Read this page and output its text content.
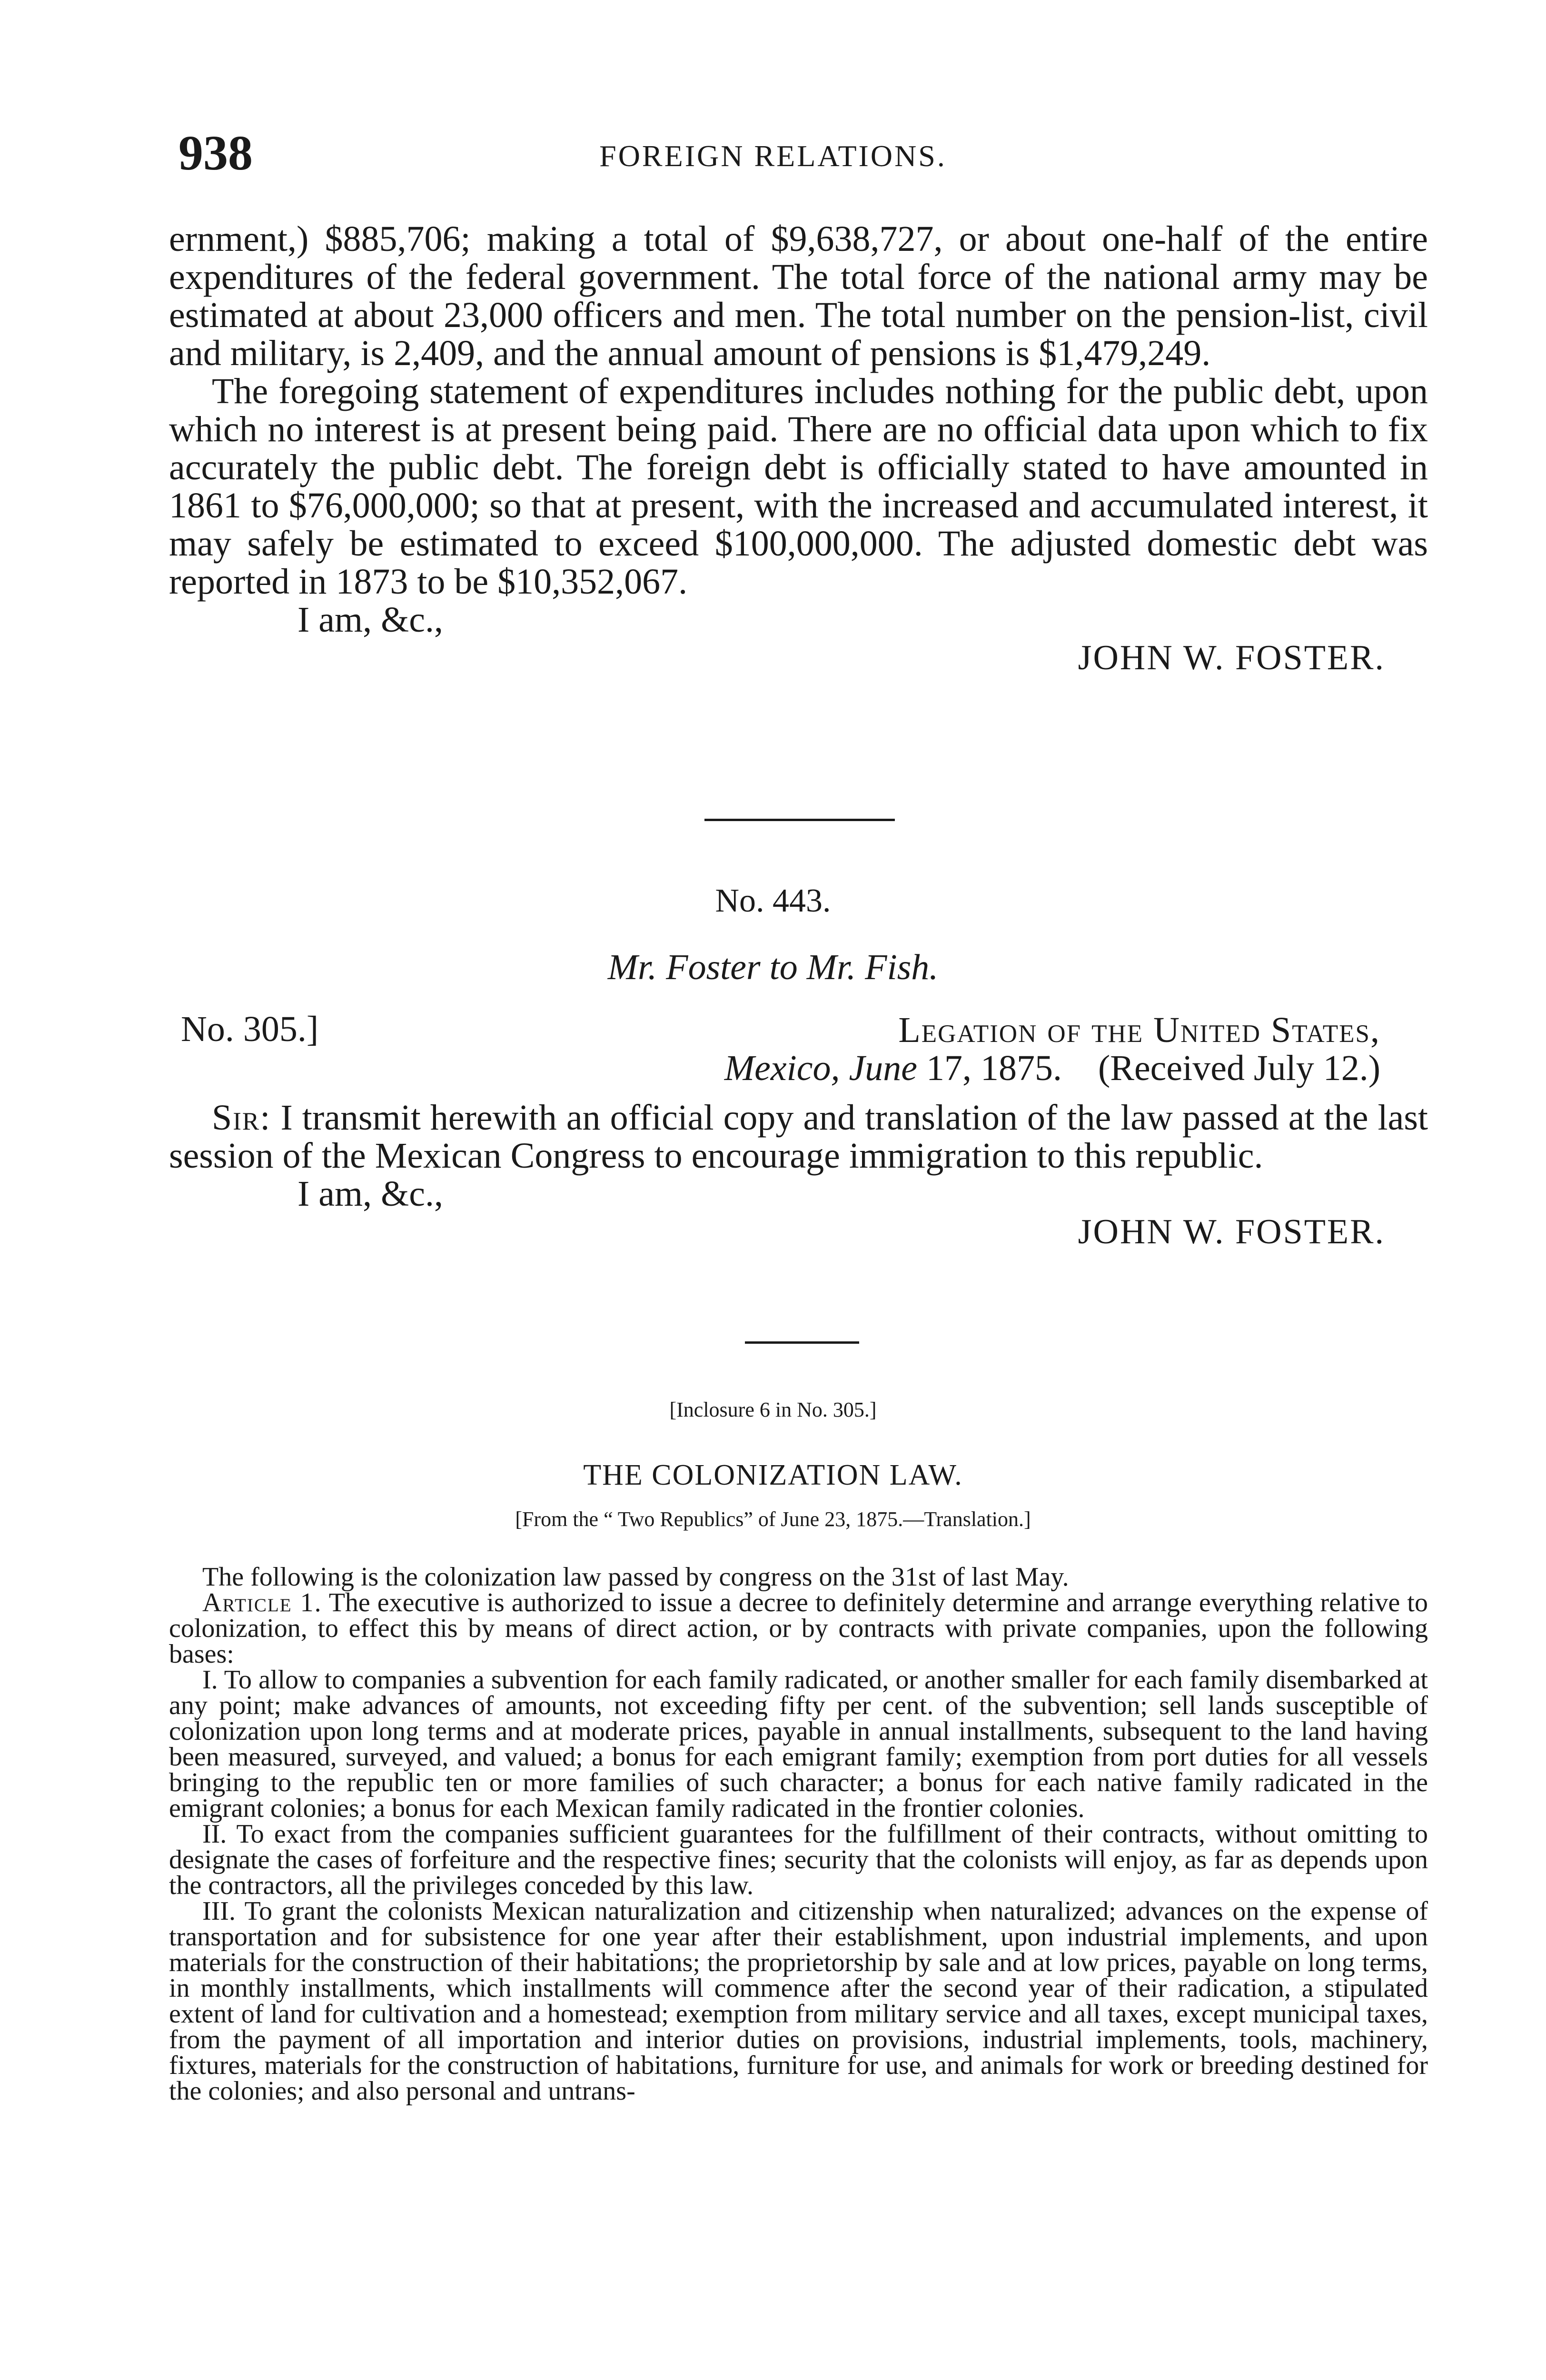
938	FOREIGN RELATIONS.

ernment,) $885,706; making a total of $9,638,727, or about one-half of the entire expenditures of the federal government. The total force of the national army may be estimated at about 23,000 officers and men. The total number on the pension-list, civil and military, is 2,409, and the annual amount of pensions is $1,479,249.

The foregoing statement of expenditures includes nothing for the public debt, upon which no interest is at present being paid. There are no official data upon which to fix accurately the public debt. The foreign debt is officially stated to have amounted in 1861 to $76,000,000; so that at present, with the increased and accumulated interest, it may safely be estimated to exceed $100,000,000. The adjusted domestic debt was reported in 1873 to be $10,352,067.

I am, &c.,

JOHN W. FOSTER.

No. 443.
Mr. Foster to Mr. Fish.
No. 305.]	Legation of the United States,
Mexico, June 17, 1875. (Received July 12.)

Sir: I transmit herewith an official copy and translation of the law passed at the last session of the Mexican Congress to encourage immigration to this republic.

I am, &c.,

JOHN W. FOSTER.

[Inclosure 6 in No. 305.]
THE COLONIZATION LAW.
[From the “ Two Republics” of June 23, 1875.—Translation.]

The following is the colonization law passed by congress on the 31st of last May.

Article 1. The executive is authorized to issue a decree to definitely determine and arrange everything relative to colonization, to effect this by means of direct action, or by contracts with private companies, upon the following bases:

I. To allow to companies a subvention for each family radicated, or another smaller for each family disembarked at any point; make advances of amounts, not exceeding fifty per cent. of the subvention; sell lands susceptible of colonization upon long terms and at moderate prices, payable in annual installments, subsequent to the land having been measured, surveyed, and valued; a bonus for each emigrant family; exemption from port duties for all vessels bringing to the republic ten or more families of such character; a bonus for each native family radicated in the emigrant colonies; a bonus for each Mexican family radicated in the frontier colonies.

II. To exact from the companies sufficient guarantees for the fulfillment of their contracts, without omitting to designate the cases of forfeiture and the respective fines; security that the colonists will enjoy, as far as depends upon the contractors, all the privileges conceded by this law.

III. To grant the colonists Mexican naturalization and citizenship when naturalized; advances on the expense of transportation and for subsistence for one year after their establishment, upon industrial implements, and upon materials for the construction of their habitations; the proprietorship by sale and at low prices, payable on long terms, in monthly installments, which installments will commence after the second year of their radication, a stipulated extent of land for cultivation and a homestead; exemption from military service and all taxes, except municipal taxes, from the payment of all importation and interior duties on provisions, industrial implements, tools, machinery, fixtures, materials for the construction of habitations, furniture for use, and animals for work or breeding destined for the colonies; and also personal and untrans-
